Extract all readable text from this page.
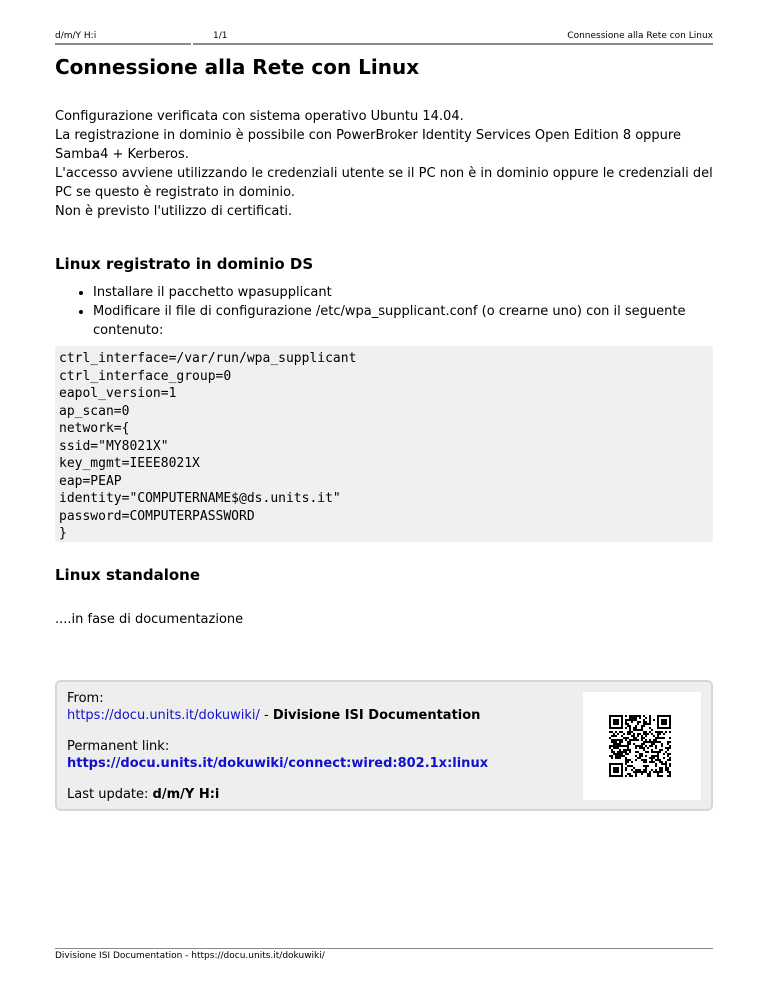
d/m/Y H:i	1/1	Connessione alla Rete con Linux
Connessione alla Rete con Linux

Configurazione verificata con sistema operativo Ubuntu 14.04.
La registrazione in dominio è possibile con PowerBroker Identity Services Open Edition 8 oppure
Samba4 + Kerberos.
L'accesso avviene utilizzando le credenziali utente se il PC non è in dominio oppure le credenziali del
PC se questo è registrato in dominio.
Non è previsto l'utilizzo di certificati.

Linux registrato in dominio DS
• Installare il pacchetto wpasupplicant
• Modificare il file di configurazione /etc/wpa_supplicant.conf (o crearne uno) con il seguente contenuto:
ctrl_interface=/var/run/wpa_supplicant
ctrl_interface_group=0
eapol_version=1
ap_scan=0
network={
ssid="MY8021X"
key_mgmt=IEEE8021X
eap=PEAP
identity="COMPUTERNAME$@ds.units.it"
password=COMPUTERPASSWORD
}
Linux standalone

....in fase di documentazione

From:
https://docu.units.it/dokuwiki/ - Divisione ISI Documentation
Permanent link:
https://docu.units.it/dokuwiki/connect:wired:802.1x:linux
Last update: d/m/Y H:i
Divisione ISI Documentation - https://docu.units.it/dokuwiki/
